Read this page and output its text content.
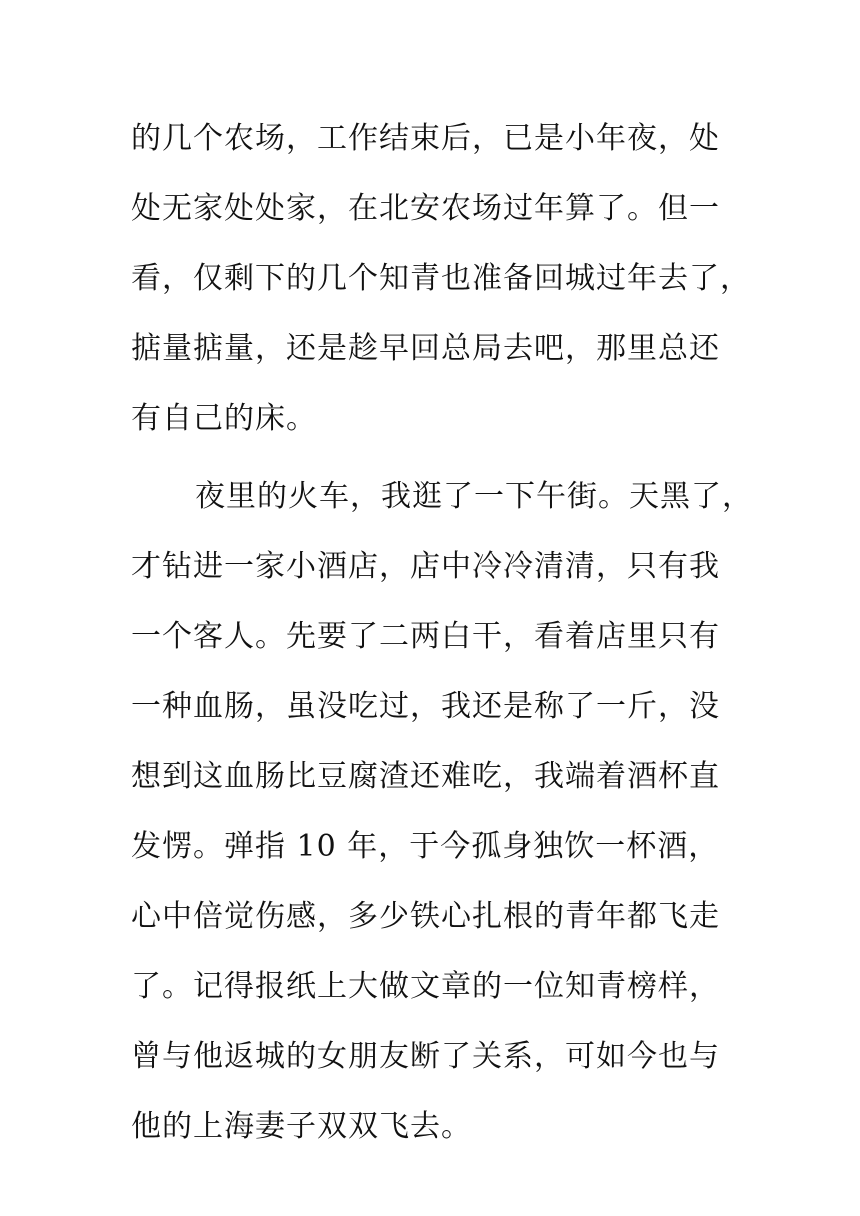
的几个农场，工作结束后，已是小年夜，处
处无家处处家，在北安农场过年算了。但一
看，仅剩下的几个知青也准备回城过年去了，
掂量掂量，还是趁早回总局去吧，那里总还
有自己的床。
夜里的火车，我逛了一下午街。天黑了，
才钻进一家小酒店，店中冷冷清清，只有我
一个客人。先要了二两白干，看着店里只有
一种血肠，虽没吃过，我还是称了一斤，没
想到这血肠比豆腐渣还难吃，我端着酒杯直
发愣。弹指 10 年，于今孤身独饮一杯酒，
心中倍觉伤感，多少铁心扎根的青年都飞走
了。记得报纸上大做文章的一位知青榜样，
曾与他返城的女朋友断了关系，可如今也与
他的上海妻子双双飞去。
